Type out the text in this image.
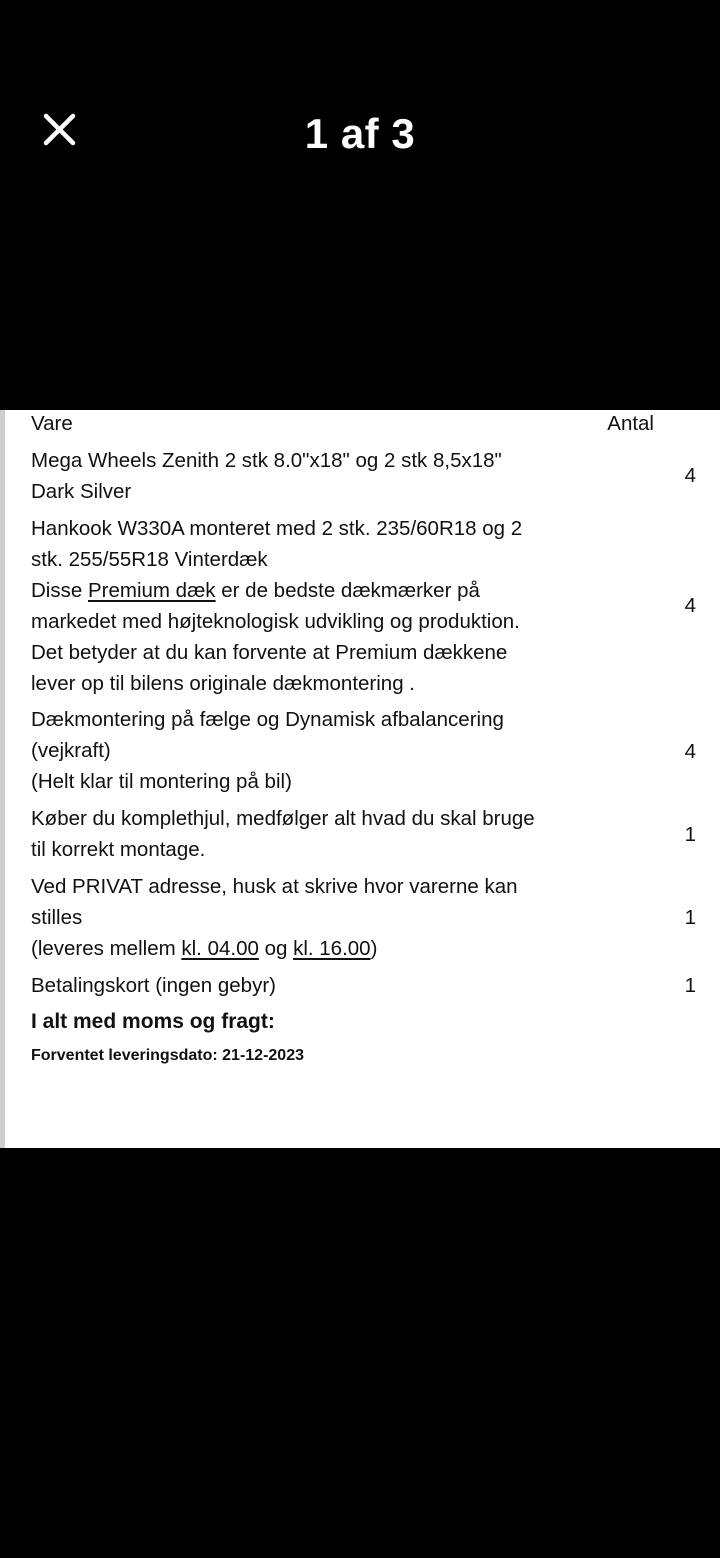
1 af 3
Vare	Antal
Mega Wheels Zenith 2 stk 8.0"x18" og 2 stk 8,5x18"
Dark Silver
4
Hankook W330A monteret med 2 stk. 235/60R18 og 2
stk. 255/55R18 Vinterdæk
Disse Premium dæk er de bedste dækmærker på
markedet med højteknologisk udvikling og produktion.
Det betyder at du kan forvente at Premium dækkene
lever op til bilens originale dækmontering .
4
Dækmontering på fælge og Dynamisk afbalancering
(vejkraft)
(Helt klar til montering på bil)
4
Køber du komplethjul, medfølger alt hvad du skal bruge
til korrekt montage.
1
Ved PRIVAT adresse, husk at skrive hvor varerne kan
stilles
(leveres mellem kl. 04.00 og kl. 16.00)
1
Betalingskort (ingen gebyr)	1
I alt med moms og fragt:
Forventet leveringsdato: 21-12-2023
